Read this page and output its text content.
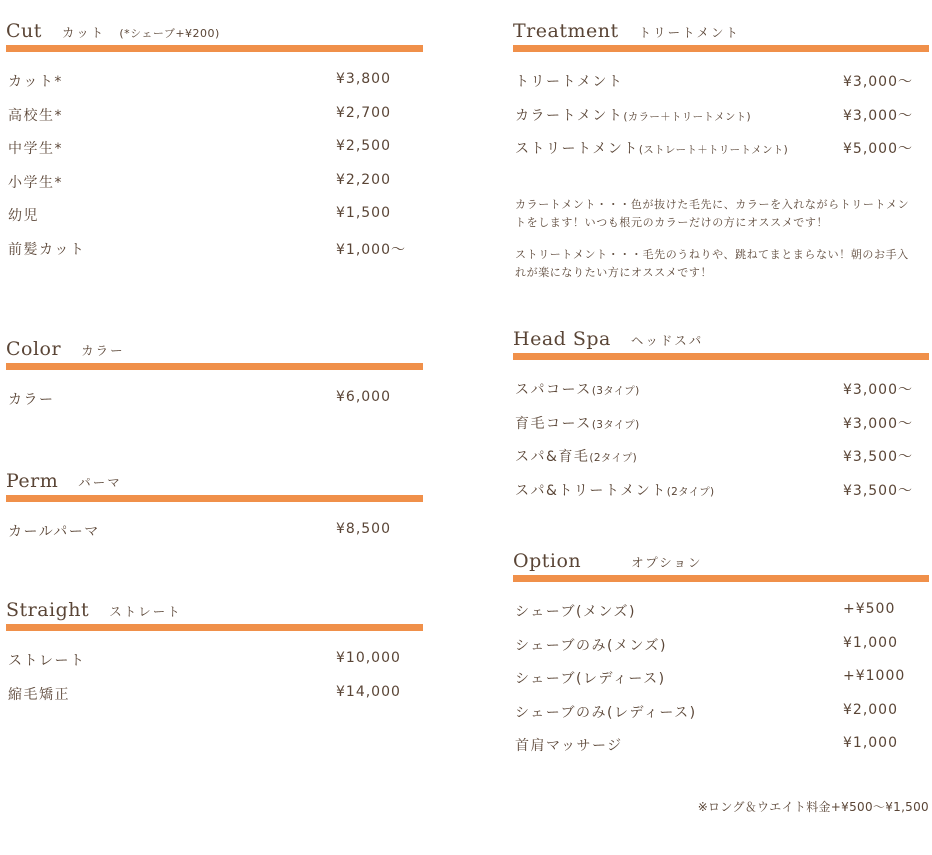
Cut カット (*シェーブ+¥200)
カット*	¥3,800
高校生*	¥2,700
中学生*	¥2,500
小学生*	¥2,200
幼児	¥1,500
前髪カット	¥1,000〜
Color カラー
カラー	¥6,000
Perm パーマ
カールパーマ	¥8,500
Straight ストレート
ストレート	¥10,000
縮毛矯正	¥14,000
Treatment トリートメント
トリートメント	¥3,000〜
カラートメント(カラー＋トリートメント)	¥3,000〜
ストリートメント(ストレート＋トリートメント)	¥5,000〜
カラートメント・・・色が抜けた毛先に、カラーを入れながらトリートメントをします！いつも根元のカラーだけの方にオススメです！
ストリートメント・・・毛先のうねりや、跳ねてまとまらない！朝のお手入れが楽になりたい方にオススメです！
Head Spa ヘッドスパ
スパコース(3タイプ)	¥3,000〜
育毛コース(3タイプ)	¥3,000〜
スパ&育毛(2タイプ)	¥3,500〜
スパ&トリートメント(2タイプ)	¥3,500〜
Option	オプション
シェーブ(メンズ)	+¥500
シェーブのみ(メンズ)	¥1,000
シェーブ(レディース)	+¥1000
シェーブのみ(レディース)	¥2,000
首肩マッサージ	¥1,000
※ロング＆ウエイト料金+¥500〜¥1,500
